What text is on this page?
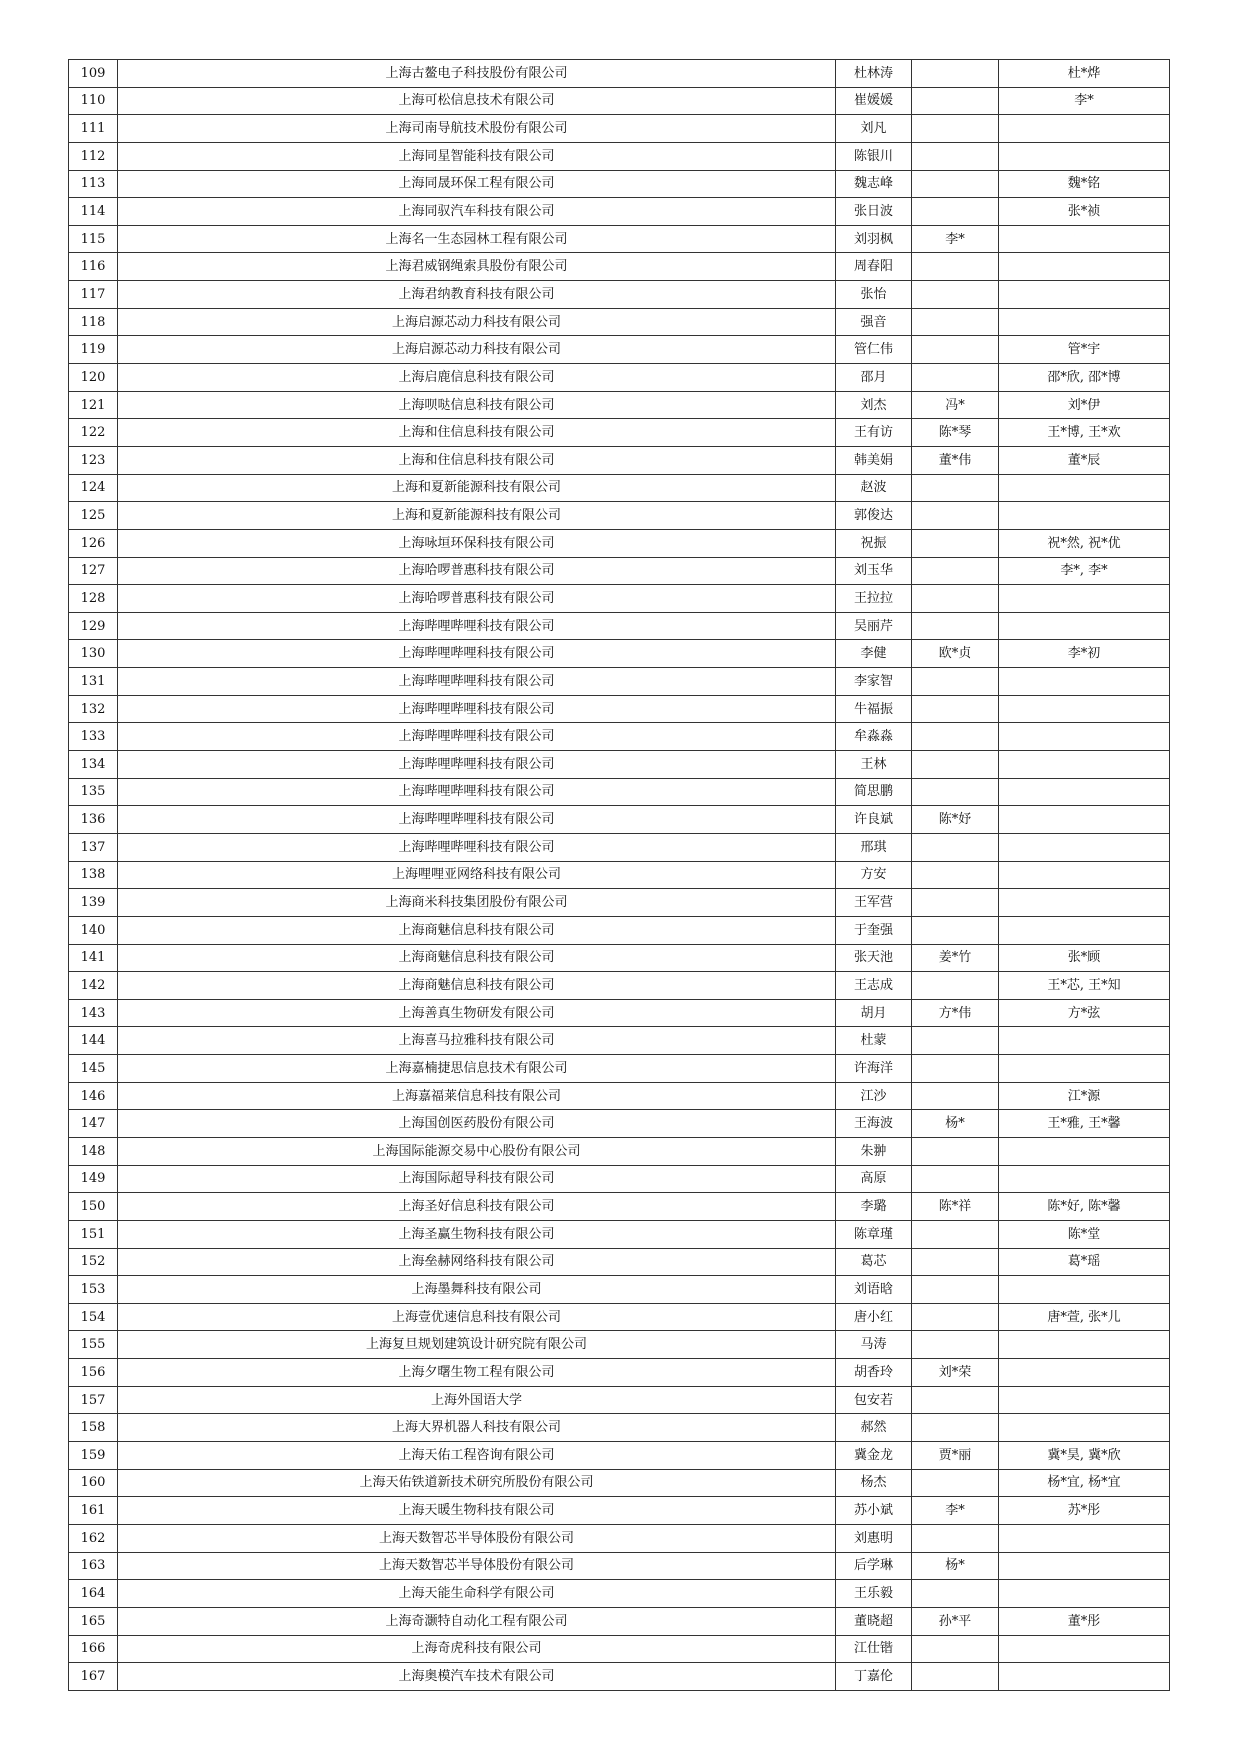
109	上海古鳌电子科技股份有限公司	杜林涛		杜*烨
110	上海可松信息技术有限公司	崔媛媛		李*
111	上海司南导航技术股份有限公司	刘凡		
112	上海同星智能科技有限公司	陈银川		
113	上海同晟环保工程有限公司	魏志峰		魏*铭
114	上海同驭汽车科技有限公司	张日波		张*祯
115	上海名一生态园林工程有限公司	刘羽枫	李*	
116	上海君威钢绳索具股份有限公司	周春阳		
117	上海君纳教育科技有限公司	张怡		
118	上海启源芯动力科技有限公司	强音		
119	上海启源芯动力科技有限公司	管仁伟		管*宇
120	上海启鹿信息科技有限公司	邵月		邵*欣, 邵*博
121	上海呗哒信息科技有限公司	刘杰	冯*	刘*伊
122	上海和住信息科技有限公司	王有访	陈*琴	王*博, 王*欢
123	上海和住信息科技有限公司	韩美娟	董*伟	董*辰
124	上海和夏新能源科技有限公司	赵波		
125	上海和夏新能源科技有限公司	郭俊达		
126	上海咏垣环保科技有限公司	祝振		祝*然, 祝*优
127	上海哈啰普惠科技有限公司	刘玉华		李*, 李*
128	上海哈啰普惠科技有限公司	王拉拉		
129	上海哔哩哔哩科技有限公司	吴丽芹		
130	上海哔哩哔哩科技有限公司	李健	欧*贞	李*初
131	上海哔哩哔哩科技有限公司	李家智		
132	上海哔哩哔哩科技有限公司	牛福振		
133	上海哔哩哔哩科技有限公司	牟淼淼		
134	上海哔哩哔哩科技有限公司	王林		
135	上海哔哩哔哩科技有限公司	简思鹏		
136	上海哔哩哔哩科技有限公司	许良斌	陈*妤	
137	上海哔哩哔哩科技有限公司	邢琪		
138	上海哩哩亚网络科技有限公司	方安		
139	上海商米科技集团股份有限公司	王军营		
140	上海商魅信息科技有限公司	于奎强		
141	上海商魅信息科技有限公司	张天池	姜*竹	张*顾
142	上海商魅信息科技有限公司	王志成		王*芯, 王*知
143	上海善真生物研发有限公司	胡月	方*伟	方*弦
144	上海喜马拉雅科技有限公司	杜蒙		
145	上海嘉楠捷思信息技术有限公司	许海洋		
146	上海嘉福莱信息科技有限公司	江沙		江*源
147	上海国创医药股份有限公司	王海波	杨*	王*雅, 王*馨
148	上海国际能源交易中心股份有限公司	朱翀		
149	上海国际超导科技有限公司	高原		
150	上海圣好信息科技有限公司	李璐	陈*祥	陈*好, 陈*馨
151	上海圣赢生物科技有限公司	陈章瑾		陈*堂
152	上海垒赫网络科技有限公司	葛芯		葛*瑶
153	上海墨舞科技有限公司	刘语晗		
154	上海壹优速信息科技有限公司	唐小红		唐*萱, 张*儿
155	上海复旦规划建筑设计研究院有限公司	马涛		
156	上海夕曙生物工程有限公司	胡香玲	刘*荣	
157	上海外国语大学	包安若		
158	上海大界机器人科技有限公司	郝然		
159	上海天佑工程咨询有限公司	冀金龙	贾*丽	冀*昊, 冀*欣
160	上海天佑铁道新技术研究所股份有限公司	杨杰		杨*宜, 杨*宜
161	上海天暖生物科技有限公司	苏小斌	李*	苏*彤
162	上海天数智芯半导体股份有限公司	刘惠明		
163	上海天数智芯半导体股份有限公司	后学琳	杨*	
164	上海天能生命科学有限公司	王乐毅		
165	上海奇灏特自动化工程有限公司	董晓超	孙*平	董*彤
166	上海奇虎科技有限公司	江仕锴		
167	上海奥模汽车技术有限公司	丁嘉伦		
